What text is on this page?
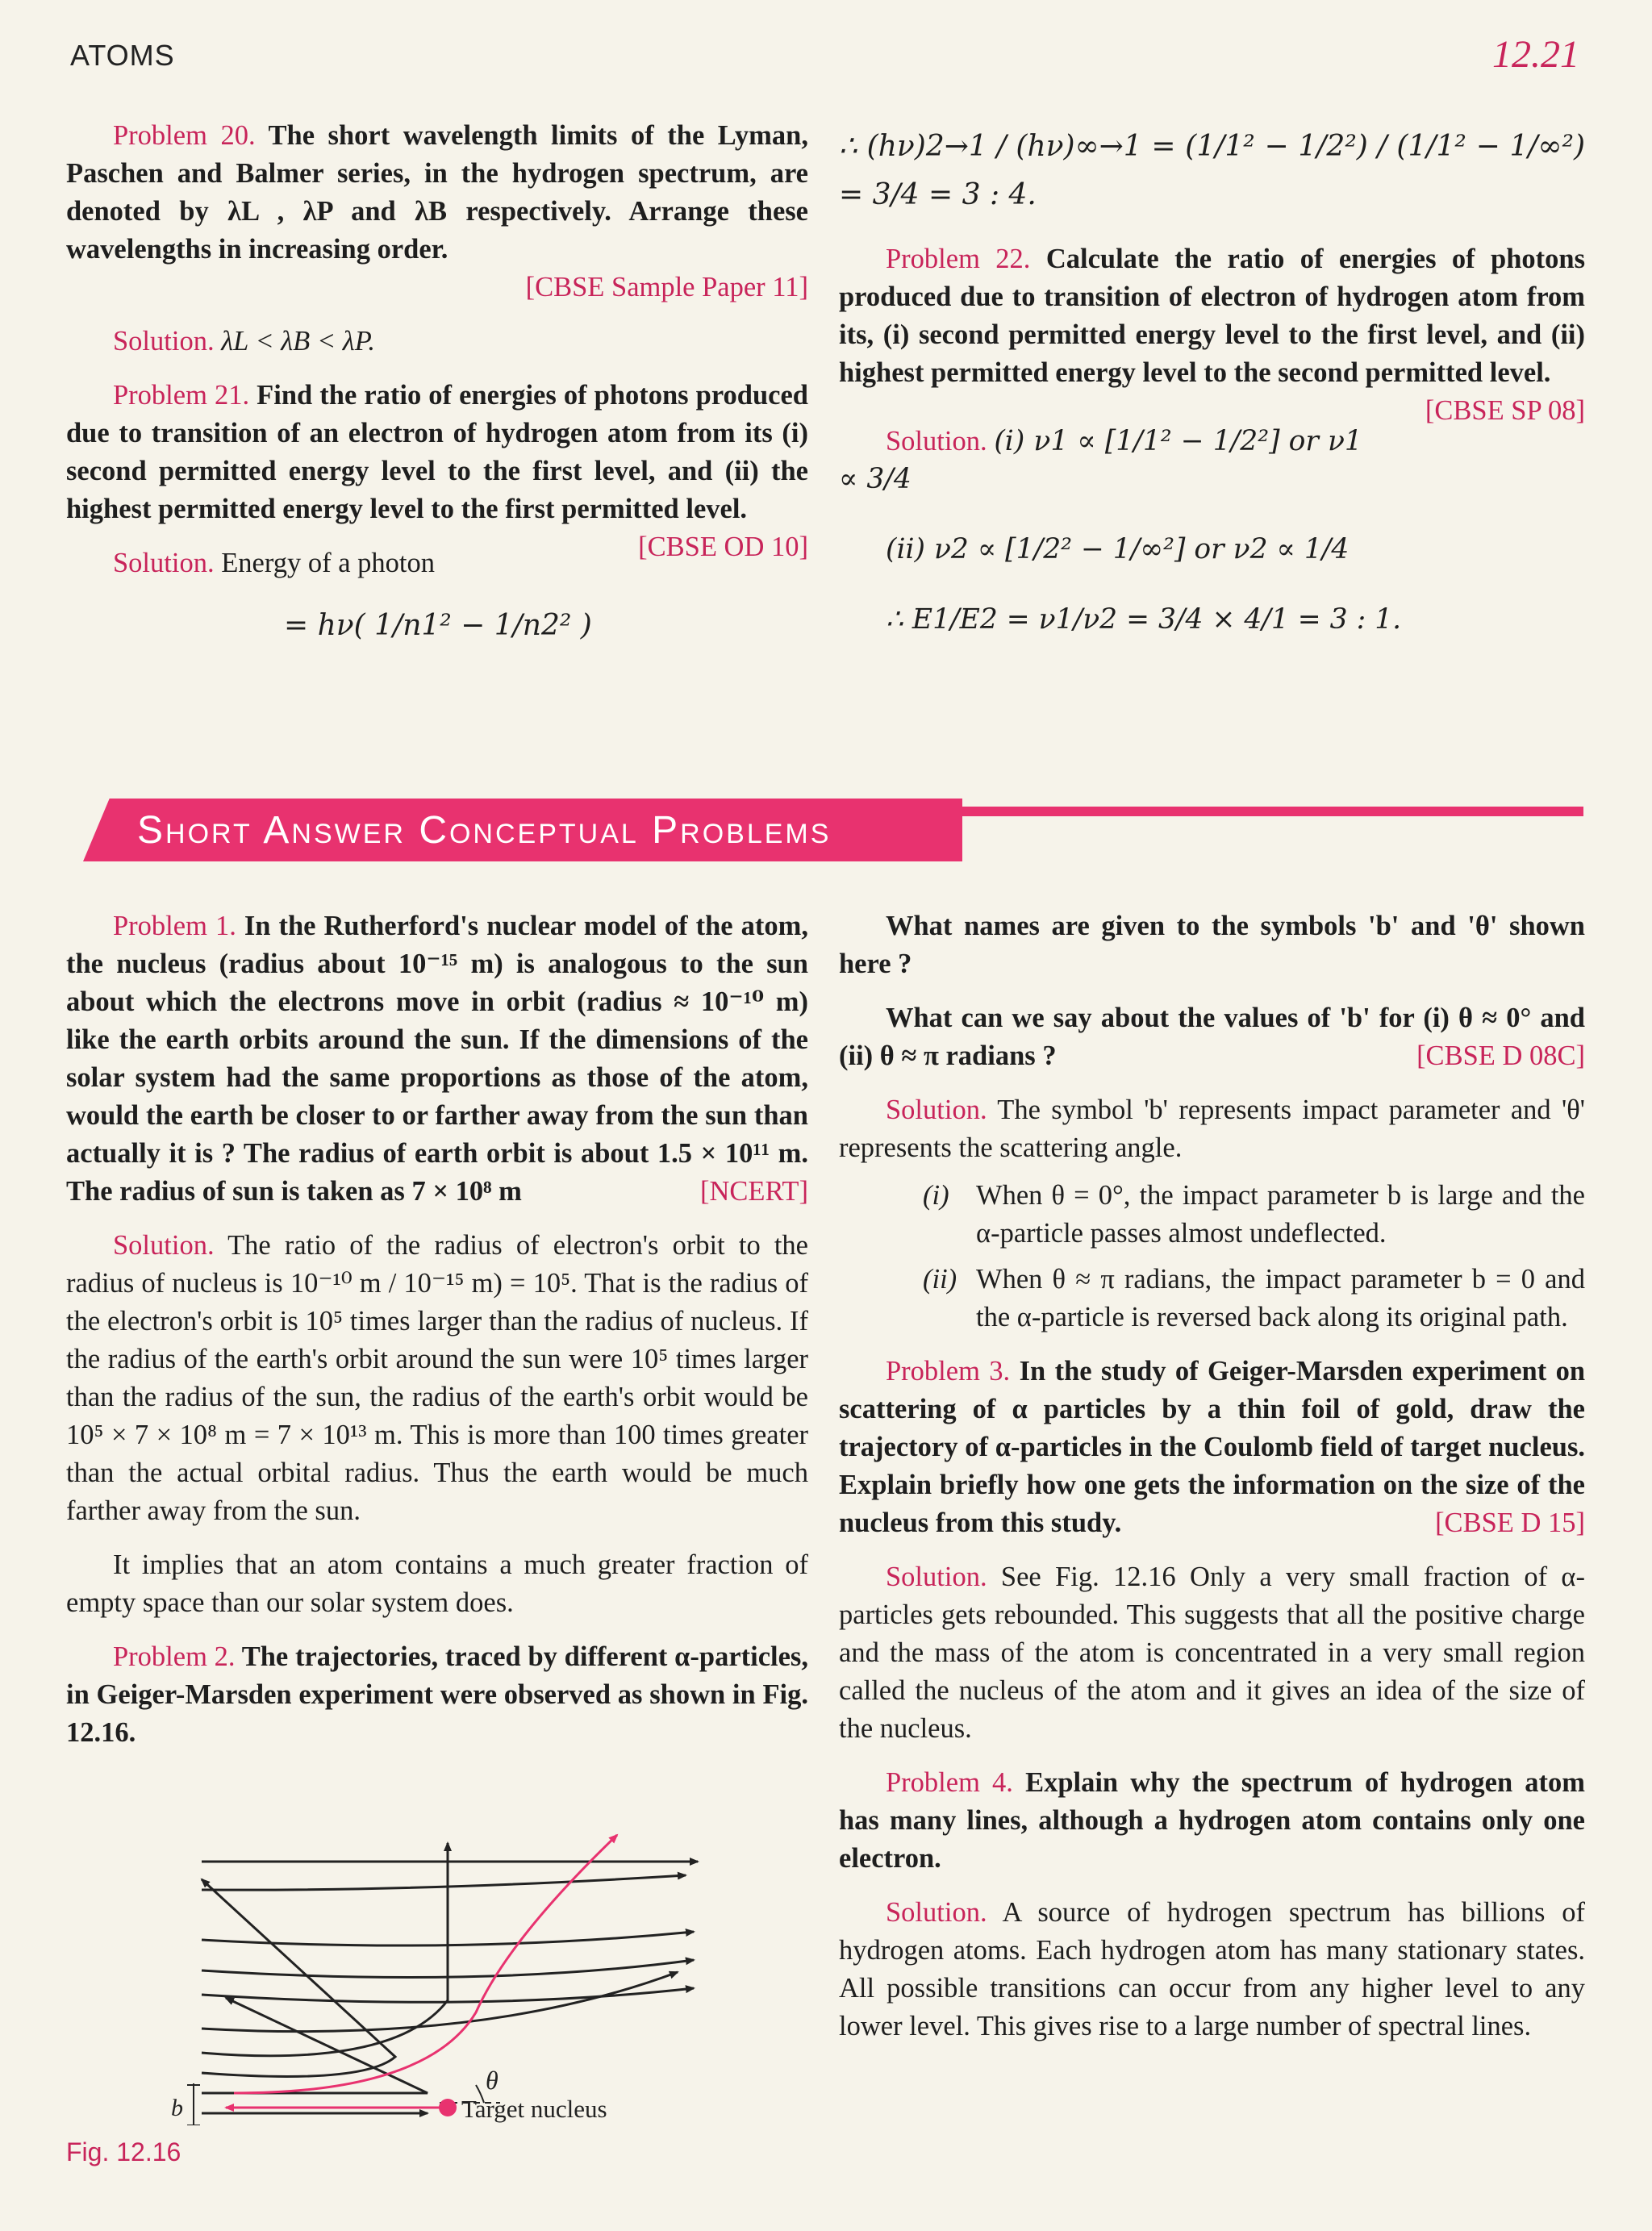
ATOMS	12.21

Problem 20. The short wavelength limits of the Lyman, Paschen and Balmer series, in the hydrogen spectrum, are denoted by λL , λP and λB respectively. Arrange these wavelengths in increasing order.

[CBSE Sample Paper 11]

Solution. λL < λB < λP.

Problem 21. Find the ratio of energies of photons produced due to transition of an electron of hydrogen atom from its (i) second permitted energy level to the first level, and (ii) the highest permitted energy level to the first permitted level.
[CBSE OD 10]

Solution. Energy of a photon

= hν( 1/n1² − 1/n2² )

∴ (hν)2→1 / (hν)∞→1 = (1/1² − 1/2²) / (1/1² − 1/∞²) = 3/4 = 3 : 4.

Problem 22. Calculate the ratio of energies of photons produced due to transition of electron of hydrogen atom from its, (i) second permitted energy level to the first level, and (ii) highest permitted energy level to the second permitted level.
[CBSE SP 08]

Solution. (i) ν1 ∝ [1/1² − 1/2²] or ν1 ∝ 3/4

(ii) ν2 ∝ [1/2² − 1/∞²] or ν2 ∝ 1/4

∴ E1/E2 = ν1/ν2 = 3/4 × 4/1 = 3 : 1.

Short Answer Conceptual Problems

Problem 1. In the Rutherford's nuclear model of the atom, the nucleus (radius about 10⁻¹⁵ m) is analogous to the sun about which the electrons move in orbit (radius ≈ 10⁻¹⁰ m) like the earth orbits around the sun. If the dimensions of the solar system had the same proportions as those of the atom, would the earth be closer to or farther away from the sun than actually it is ? The radius of earth orbit is about 1.5 × 10¹¹ m. The radius of sun is taken as 7 × 10⁸ m	[NCERT]

Solution. The ratio of the radius of electron's orbit to the radius of nucleus is 10⁻¹⁰ m / 10⁻¹⁵ m) = 10⁵. That is the radius of the electron's orbit is 10⁵ times larger than the radius of nucleus. If the radius of the earth's orbit around the sun were 10⁵ times larger than the radius of the sun, the radius of the earth's orbit would be 10⁵ × 7 × 10⁸ m = 7 × 10¹³ m. This is more than 100 times greater than the actual orbital radius. Thus the earth would be much farther away from the sun.

It implies that an atom contains a much greater fraction of empty space than our solar system does.

Problem 2. The trajectories, traced by different α-particles, in Geiger-Marsden experiment were observed as shown in Fig. 12.16.

θ
b	Target nucleus
Fig. 12.16

What names are given to the symbols 'b' and 'θ' shown here ?

What can we say about the values of 'b' for (i) θ ≈ 0° and (ii) θ ≈ π radians ?	[CBSE D 08C]

Solution. The symbol 'b' represents impact parameter and 'θ' represents the scattering angle.

(i) When θ = 0°, the impact parameter b is large and the α-particle passes almost undeflected.
(ii) When θ ≈ π radians, the impact parameter b = 0 and the α-particle is reversed back along its original path.

Problem 3. In the study of Geiger-Marsden experiment on scattering of α particles by a thin foil of gold, draw the trajectory of α-particles in the Coulomb field of target nucleus. Explain briefly how one gets the information on the size of the nucleus from this study.	[CBSE D 15]

Solution. See Fig. 12.16 Only a very small fraction of α-particles gets rebounded. This suggests that all the positive charge and the mass of the atom is concentrated in a very small region called the nucleus of the atom and it gives an idea of the size of the nucleus.

Problem 4. Explain why the spectrum of hydrogen atom has many lines, although a hydrogen atom contains only one electron.

Solution. A source of hydrogen spectrum has billions of hydrogen atoms. Each hydrogen atom has many stationary states. All possible transitions can occur from any higher level to any lower level. This gives rise to a large number of spectral lines.
